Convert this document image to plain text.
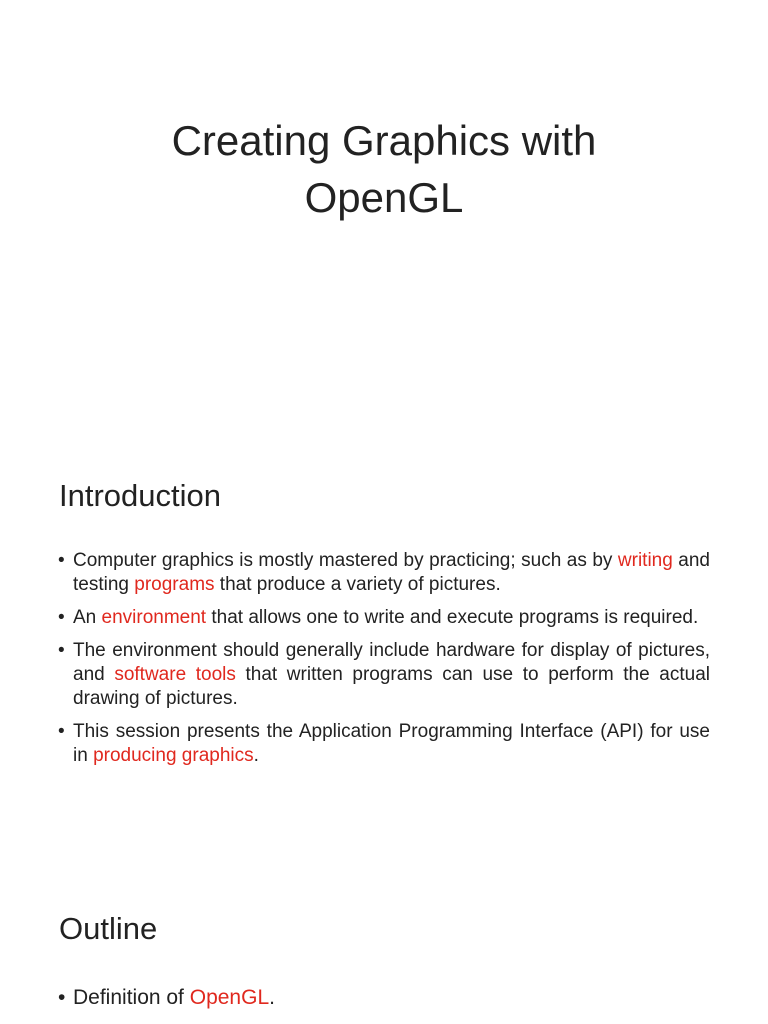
Creating Graphics with
OpenGL
Introduction
• Computer graphics is mostly mastered by practicing; such as by writing and testing programs that produce a variety of pictures.
• An environment that allows one to write and execute programs is required.
• The environment should generally include hardware for display of pictures, and software tools that written programs can use to perform the actual drawing of pictures.
• This session presents the Application Programming Interface (API) for use in producing graphics.
Outline
• Definition of OpenGL.
